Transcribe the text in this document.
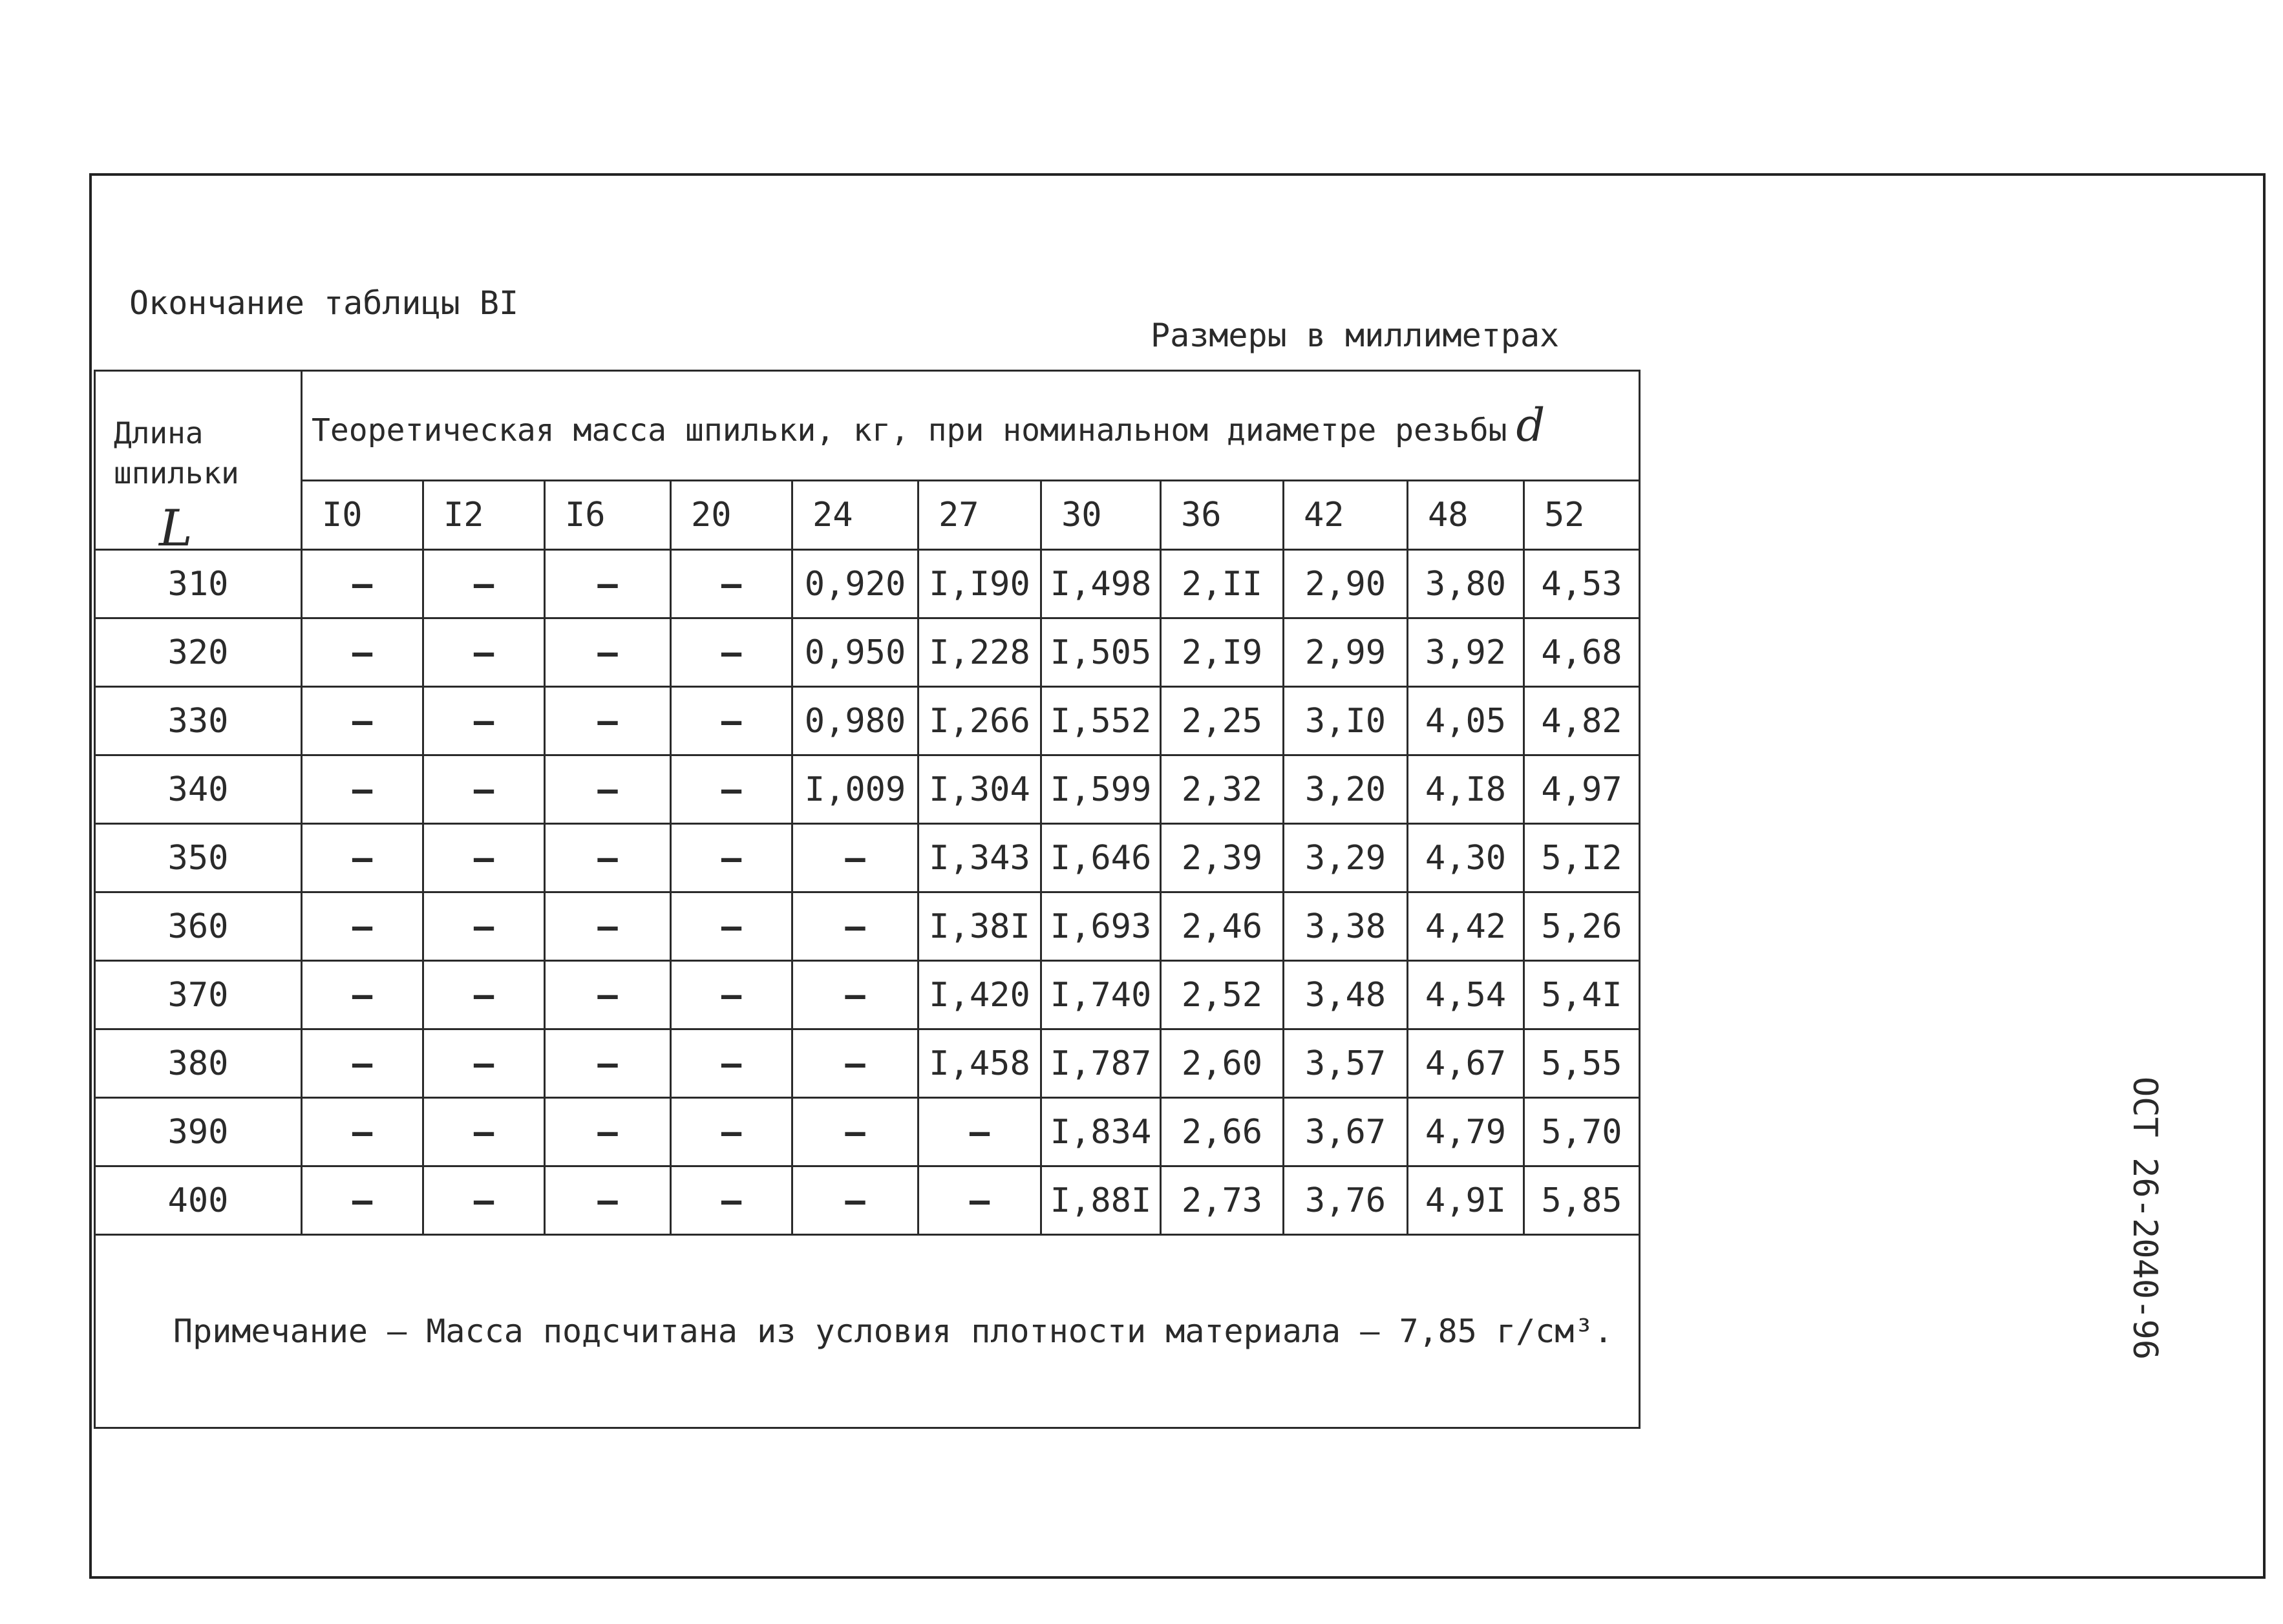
Окончание таблицы BI
Размеры в миллиметрах
ОСТ 26-2040-96
Длина шпильки
L	Теоретическая масса шпильки, кг, при номинальном диаметре резьбы d										
	I0	I2	I6	20	24	27	30	36	42	48	52
310	–	–	–	–	0,920	I,I90	I,498	2,II	2,90	3,80	4,53
320	–	–	–	–	0,950	I,228	I,505	2,I9	2,99	3,92	4,68
330	–	–	–	–	0,980	I,266	I,552	2,25	3,I0	4,05	4,82
340	–	–	–	–	I,009	I,304	I,599	2,32	3,20	4,I8	4,97
350	–	–	–	–	–	I,343	I,646	2,39	3,29	4,30	5,I2
360	–	–	–	–	–	I,38I	I,693	2,46	3,38	4,42	5,26
370	–	–	–	–	–	I,420	I,740	2,52	3,48	4,54	5,4I
380	–	–	–	–	–	I,458	I,787	2,60	3,57	4,67	5,55
390	–	–	–	–	–	–	I,834	2,66	3,67	4,79	5,70
400	–	–	–	–	–	–	I,88I	2,73	3,76	4,9I	5,85
Примечание – Масса подсчитана из условия плотности материала – 7,85 г/см³.											
